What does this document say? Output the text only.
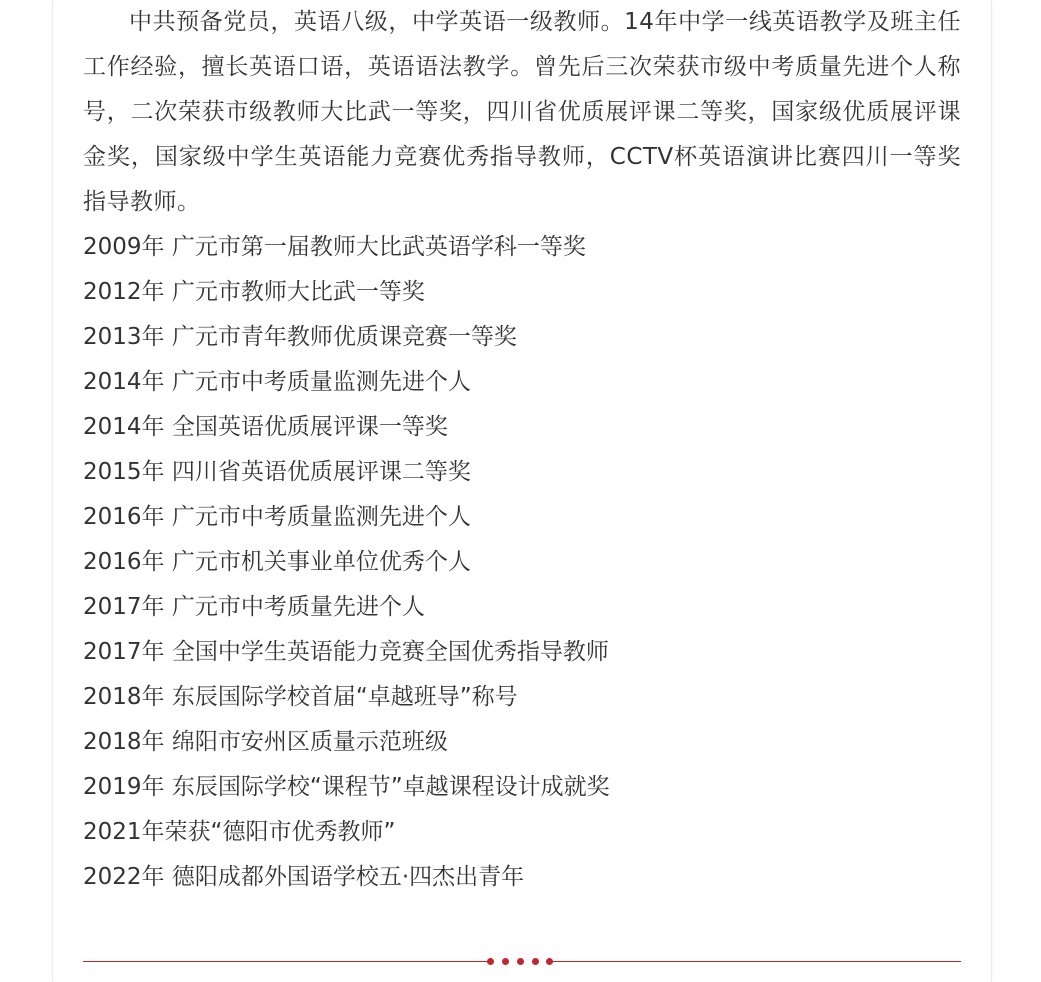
中共预备党员，英语八级，中学英语一级教师。14年中学一线英语教学及班主任工作经验，擅长英语口语，英语语法教学。曾先后三次荣获市级中考质量先进个人称号，二次荣获市级教师大比武一等奖，四川省优质展评课二等奖，国家级优质展评课金奖，国家级中学生英语能力竞赛优秀指导教师，CCTV杯英语演讲比赛四川一等奖指导教师。

2009年 广元市第一届教师大比武英语学科一等奖
2012年 广元市教师大比武一等奖
2013年 广元市青年教师优质课竞赛一等奖
2014年 广元市中考质量监测先进个人
2014年 全国英语优质展评课一等奖
2015年 四川省英语优质展评课二等奖
2016年 广元市中考质量监测先进个人
2016年 广元市机关事业单位优秀个人
2017年 广元市中考质量先进个人
2017年 全国中学生英语能力竞赛全国优秀指导教师
2018年 东辰国际学校首届“卓越班导”称号
2018年 绵阳市安州区质量示范班级
2019年 东辰国际学校“课程节”卓越课程设计成就奖
2021年荣获“德阳市优秀教师”
2022年 德阳成都外国语学校五·四杰出青年
